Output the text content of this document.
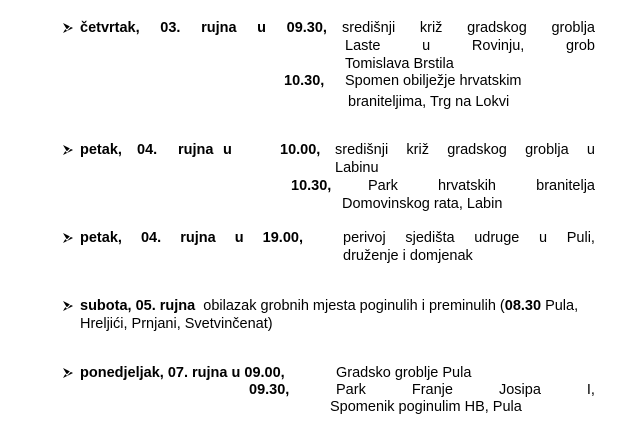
četvrtak, 03. rujna u 09.30, središnji križ gradskog groblja
Laste	u	Rovinju,	grob
Tomislava Brstila
10.30, Spomen obilježje hrvatskim
braniteljima, Trg na Lokvi
petak, 04. rujna u	10.00, središnji križ gradskog groblja u
Labinu
10.30,	Park	hrvatskih	branitelja
Domovinskog rata, Labin
petak, 04. rujna u 19.00,	perivoj sjedišta udruge u Puli,
druženje i domjenak
subota, 05. rujna obilazak grobnih mjesta poginulih i preminulih (08.30 Pula,
Hreljići, Prnjani, Svetvinčenat)
ponedjeljak, 07. rujna u 09.00,	Gradsko groblje Pula
09.30,	Park	Franje	Josipa	I,
Spomenik poginulim HB, Pula
